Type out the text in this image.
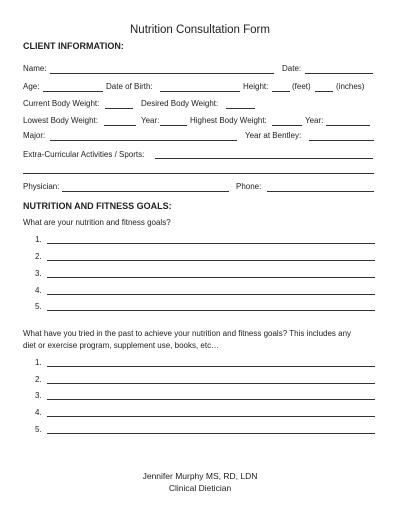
Nutrition Consultation Form
CLIENT INFORMATION:
Name:	Date:
Age:	Date of Birth:	Height:	(feet)	(inches)
Current Body Weight:	Desired Body Weight:
Lowest Body Weight:	Year:	Highest Body Weight:	Year:
Major:	Year at Bentley:
Extra-Curricular Activities / Sports:
Physician:	Phone:
NUTRITION AND FITNESS GOALS:
What are your nutrition and fitness goals?
1.
2.
3.
4.
5.
What have you tried in the past to achieve your nutrition and fitness goals? This includes any
diet or exercise program, supplement use, books, etc…
1.
2.
3.
4.
5.
Jennifer Murphy MS, RD, LDN
Clinical Dietician
